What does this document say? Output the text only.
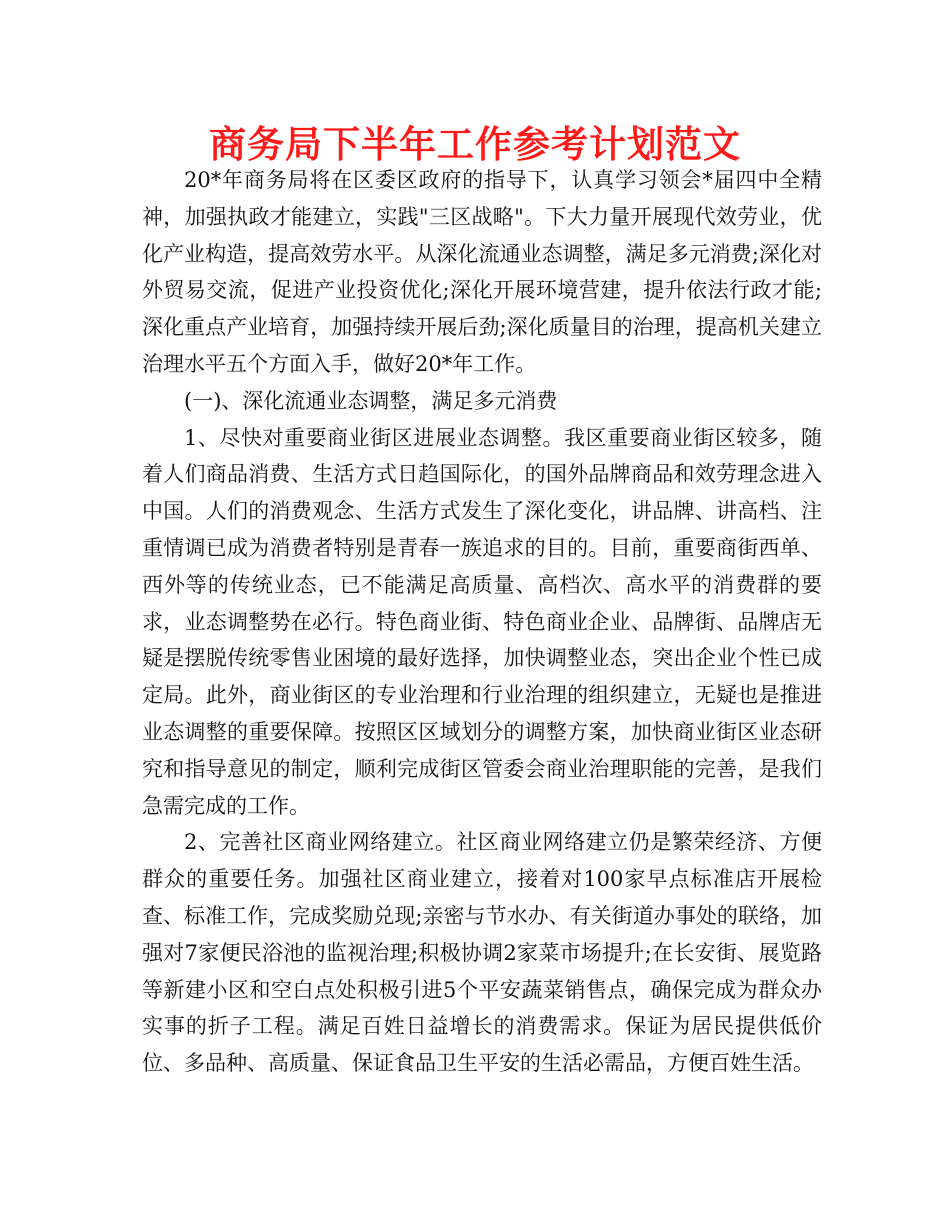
商务局下半年工作参考计划范文

20*年商务局将在区委区政府的指导下，认真学习领会*届四中全精神，加强执政才能建立，实践"三区战略"。下大力量开展现代效劳业，优化产业构造，提高效劳水平。从深化流通业态调整，满足多元消费;深化对外贸易交流，促进产业投资优化;深化开展环境营建，提升依法行政才能;深化重点产业培育，加强持续开展后劲;深化质量目的治理，提高机关建立治理水平五个方面入手，做好20*年工作。

(一)、深化流通业态调整，满足多元消费

1、尽快对重要商业街区进展业态调整。我区重要商业街区较多，随着人们商品消费、生活方式日趋国际化，的国外品牌商品和效劳理念进入中国。人们的消费观念、生活方式发生了深化变化，讲品牌、讲高档、注重情调已成为消费者特别是青春一族追求的目的。目前，重要商街西单、西外等的传统业态，已不能满足高质量、高档次、高水平的消费群的要求，业态调整势在必行。特色商业街、特色商业企业、品牌街、品牌店无疑是摆脱传统零售业困境的最好选择，加快调整业态，突出企业个性已成定局。此外，商业街区的专业治理和行业治理的组织建立，无疑也是推进业态调整的重要保障。按照区区域划分的调整方案，加快商业街区业态研究和指导意见的制定，顺利完成街区管委会商业治理职能的完善，是我们急需完成的工作。

2、完善社区商业网络建立。社区商业网络建立仍是繁荣经济、方便群众的重要任务。加强社区商业建立，接着对100家早点标准店开展检查、标准工作，完成奖励兑现;亲密与节水办、有关街道办事处的联络，加强对7家便民浴池的监视治理;积极协调2家菜市场提升;在长安街、展览路等新建小区和空白点处积极引进5个平安蔬菜销售点，确保完成为群众办实事的折子工程。满足百姓日益增长的消费需求。保证为居民提供低价位、多品种、高质量、保证食品卫生平安的生活必需品，方便百姓生活。
